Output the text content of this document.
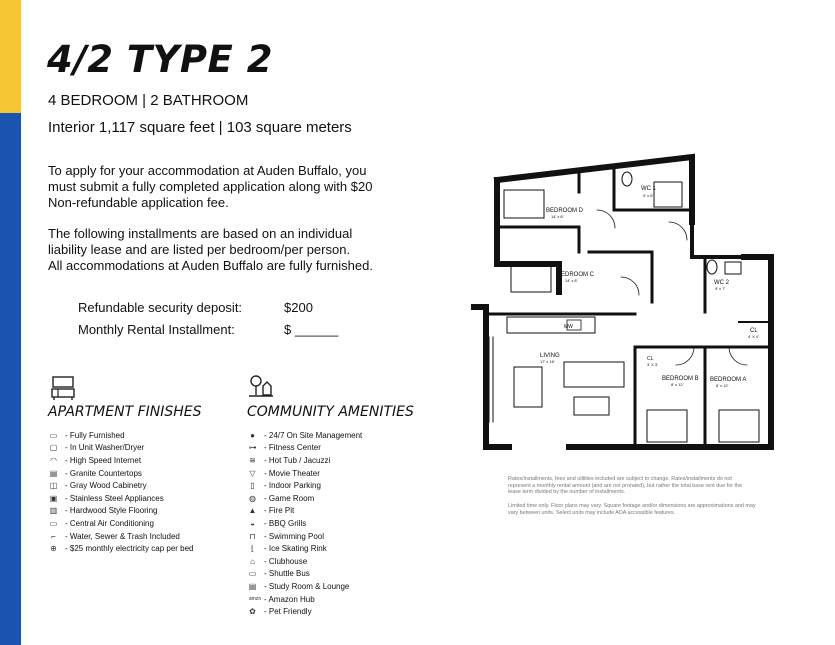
4/2 TYPE 2
4 BEDROOM | 2 BATHROOM
Interior 1,117 square feet | 103 square meters
To apply for your accommodation at Auden Buffalo, you
must submit a fully completed application along with $20
Non-refundable application fee.
The following installments are based on an individual
liability lease and are listed per bedroom/per person.
All accommodations at Auden Buffalo are fully furnished.
Refundable security deposit:	$200
Monthly Rental Installment:	$ ______
APARTMENT FINISHES	COMMUNITY AMENITIES
▭ - Fully Furnished
▢ - In Unit Washer/Dryer
◠ - High Speed Internet
▤ - Granite Countertops
◫ - Gray Wood Cabinetry
▣ - Stainless Steel Appliances
▥ - Hardwood Style Flooring
▭ - Central Air Conditioning
⌐	- Water, Sewer & Trash Included
⊕ - $25 monthly electricity cap per bed
●	- 24/7 On Site Management
⊶ - Fitness Center
≋ - Hot Tub / Jacuzzi
▽	- Movie Theater
▯	- Indoor Parking
◍ - Game Room
▲ - Fire Pit
◒	- BBQ Grills
⊓ - Swimming Pool
⌊	- Ice Skating Rink
⌂	- Clubhouse
▭ - Shuttle Bus
▤ - Study Room & Lounge
amzn - Amazon Hub
✿ - Pet Friendly
BEDROOM D
14' x 8'
WC 1
9' x 6'
BEDROOM C
14' x 8'	WC 2
9' x 7'
CL
4' X 4'
LIVING
17' x 16'	CL
3' X 3'
BEDROOM B
8' x 12'
BEDROOM A
8' x 12'
MW
Rates/installments, fees and utilities included are subject to change. Rates/installments do not represent a monthly rental amount (and are not prorated), but rather the total base rent due for the lease term divided by the number of installments.
Limited time only. Floor plans may vary. Square footage and/or dimensions are approximations and may vary between units. Select units may include ADA accessible features.
